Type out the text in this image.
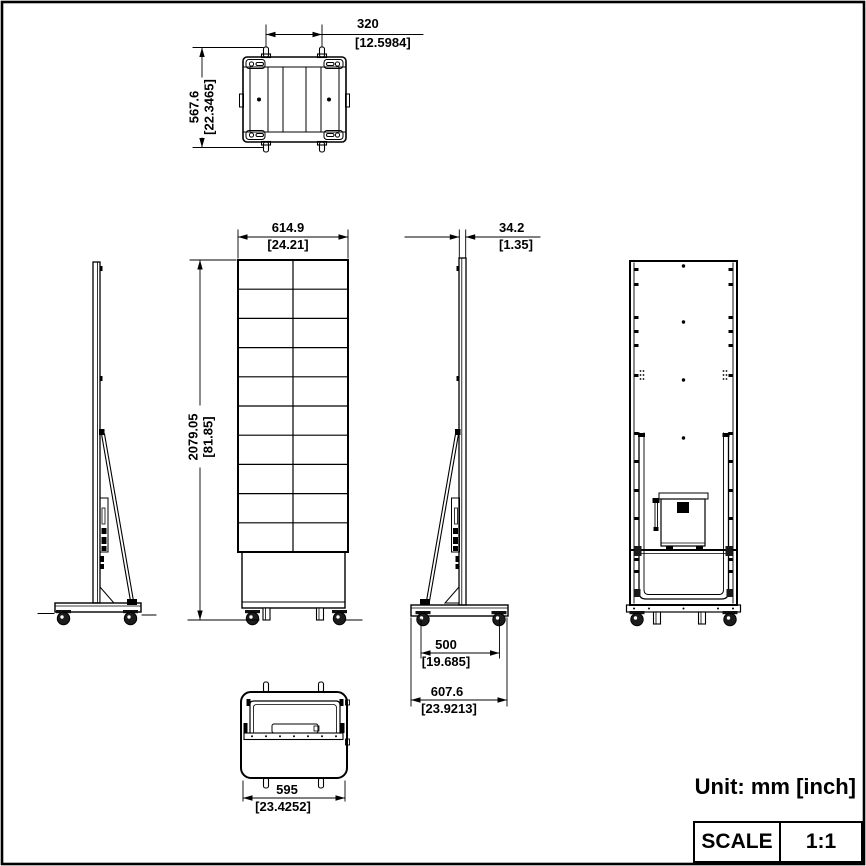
320
[12.5984]
567.6 [22.3465]
614.9
[24.21]
2079.05 [81.85]
34.2
[1.35]
500
[19.685]
607.6
[23.9213]
595
[23.4252]
Unit: mm [inch]
SCALE	1:1
